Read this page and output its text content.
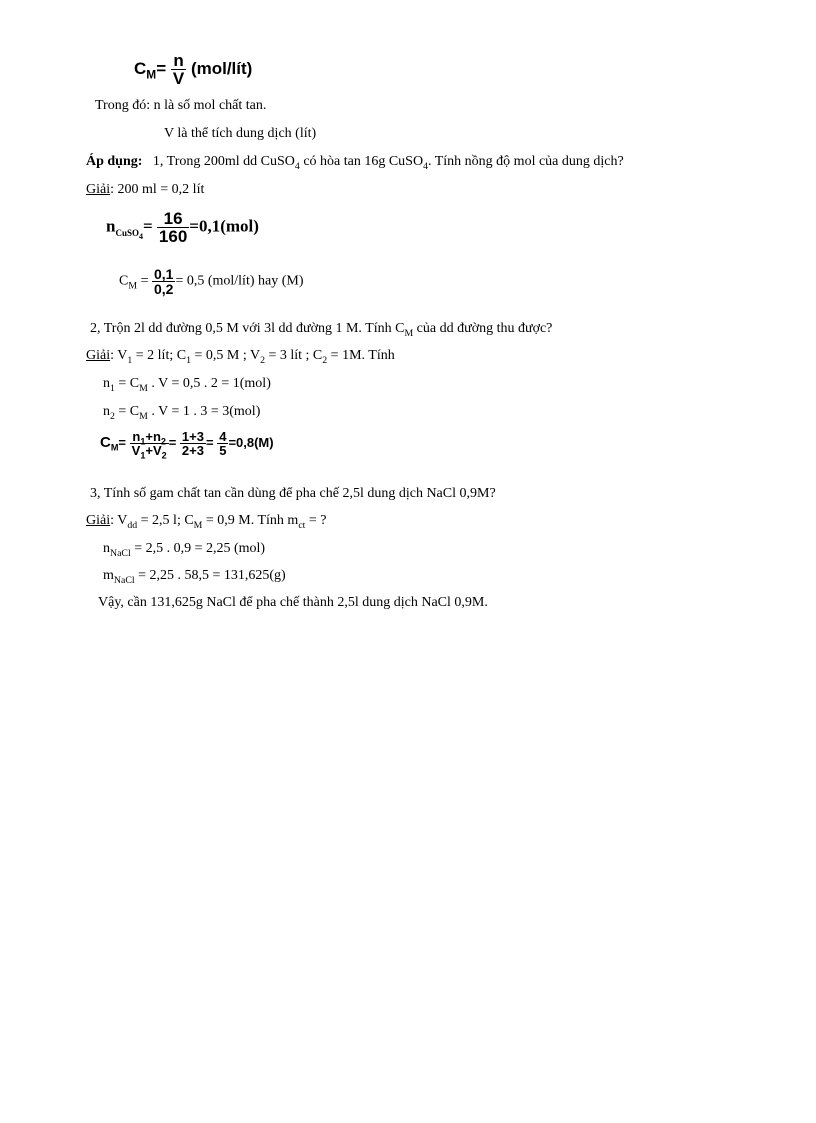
$C_M= \frac{n}{V}$ (mol/lít)
Trong đó: n là số mol chất tan.
V là thể tích dung dịch (lít)
Áp dụng: 1, Trong 200ml dd CuSO$_4$ có hòa tan 16g CuSO$_4$. Tính nồng độ mol của dung dịch?
Giải: 200 ml = 0,2 lít
$n_{CuSO_4}= \frac{16}{160} =0,1(mol)$
$C_M = \frac{0,1}{0,2} = 0,5$ (mol/lít) hay (M)
2, Trộn 2l dd đường 0,5 M với 3l dd đường 1 M. Tính $C_M$ của dd đường thu được?
Giải: $V_1 = 2$ lít; $C_1 = 0,5$ M ; $V_2 = 3$ lít ; $C_2 = 1M$. Tính
$n_1 = C_M$ . V = 0,5 . 2 = 1(mol)
$n_2 = C_M$ . V = 1 . 3 = 3(mol)
$C_M= \frac{n_1+n_2}{V_1+V_2} = \frac{1+3}{2+3} = \frac{4}{5} =0,8(M)$
3, Tính số gam chất tan cần dùng để pha chế 2,5l dung dịch NaCl 0,9M?
Giải: $V_{dd} = 2,5$ l; $C_M = 0,9$ M. Tính $m_{ct}$ = ?
$n_{NaCl} = 2,5$ . 0,9 = 2,25 (mol)
$m_{NaCl} = 2,25$ . 58,5 = 131,625(g)
Vậy, cần 131,625g NaCl để pha chế thành 2,5l dung dịch NaCl 0,9M.
